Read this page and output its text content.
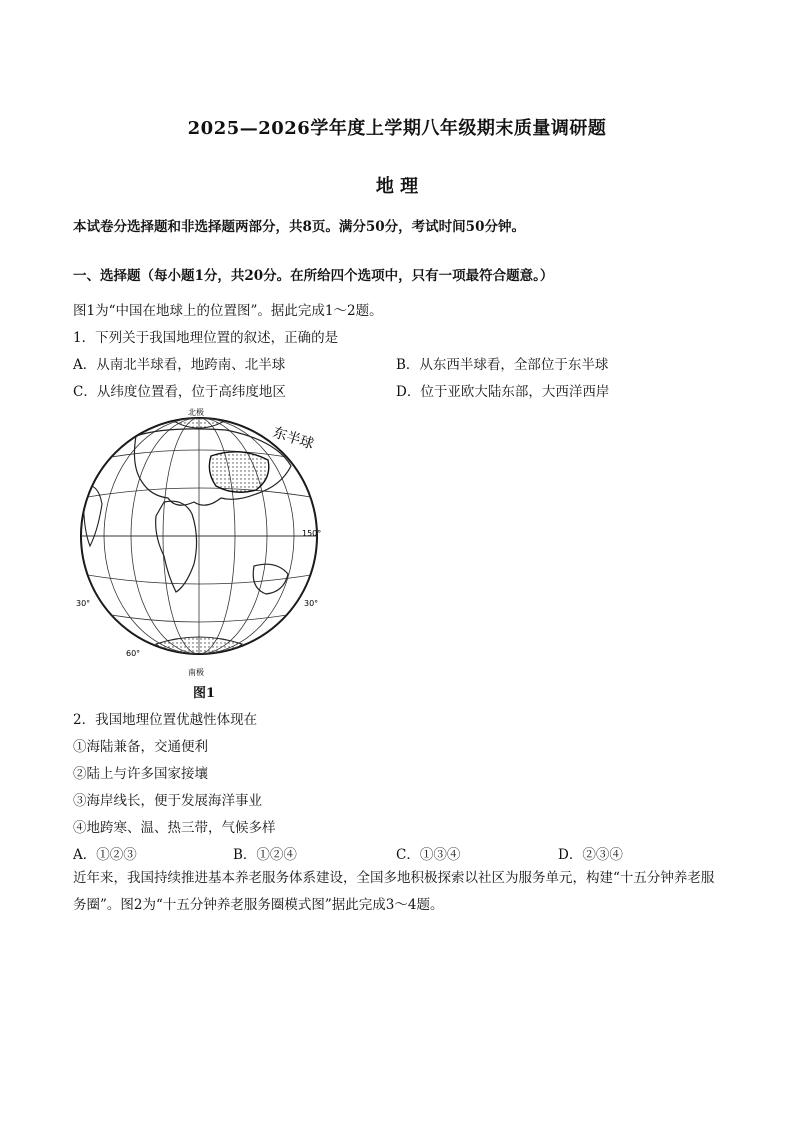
2025—2026学年度上学期八年级期末质量调研题
地 理
本试卷分选择题和非选择题两部分，共8页。满分50分，考试时间50分钟。
一、选择题（每小题1分，共20分。在所给四个选项中，只有一项最符合题意。）
图1为“中国在地球上的位置图”。据此完成1～2题。
1．下列关于我国地理位置的叙述，正确的是
A．从南北半球看，地跨南、北半球	B．从东西半球看，全部位于东半球
C．从纬度位置看，位于高纬度地区	D．位于亚欧大陆东部，大西洋西岸
北极
南极
东半球
30°	30°
60°
150°
图1
2．我国地理位置优越性体现在
①海陆兼备，交通便利
②陆上与许多国家接壤
③海岸线长，便于发展海洋事业
④地跨寒、温、热三带，气候多样
A．①②③	B．①②④	C．①③④	D．②③④
近年来，我国持续推进基本养老服务体系建设，全国多地积极探索以社区为服务单元，构建“十五分钟养老服务圈”。图2为“十五分钟养老服务圈模式图”据此完成3～4题。
